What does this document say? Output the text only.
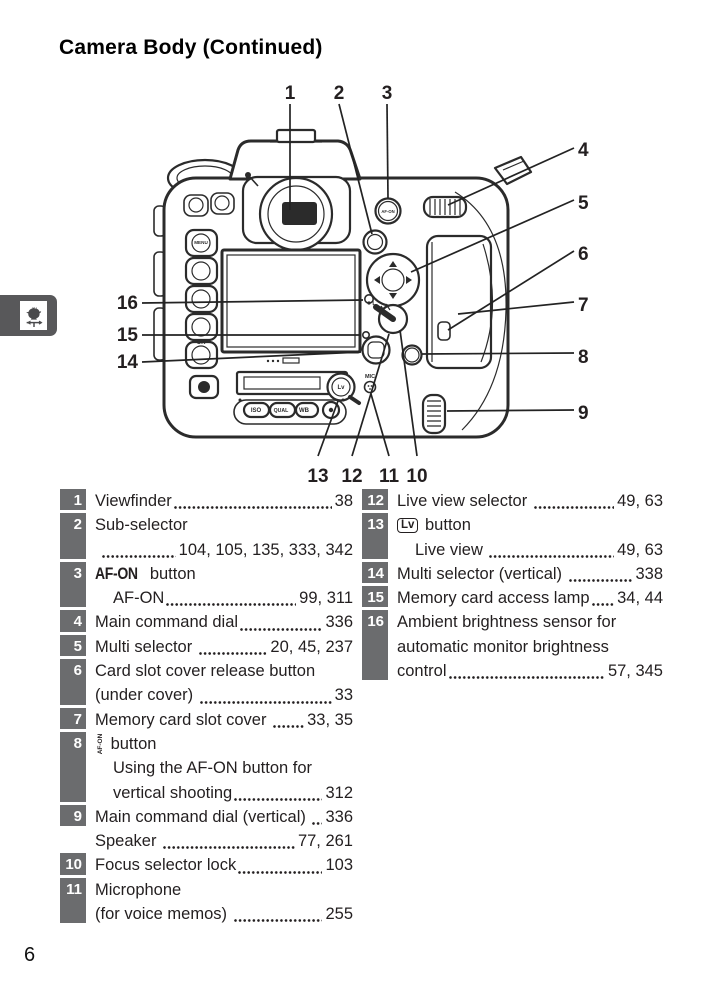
Camera Body (Continued)
1 2 3
4
5
6
7
8
9
16
15
14
13 12 11 10
MENU
OK
AF-ON
ISO QUAL WB
MIC
Lv
L
1 Viewfinder	38
2 Sub-selector
104, 105, 135, 333, 342
3 AF-ON button
AF-ON	99, 311
4 Main command dial	336
5 Multi selector	20, 45, 237
6 Card slot cover release button
(under cover)	33
7 Memory card slot cover 33, 35
8	AF-ON button
Using the AF-ON button for
vertical shooting	312
9 Main command dial (vertical) 336
Speaker	77, 261
10 Focus selector lock	103
11 Microphone
(for voice memos)	255
12 Live view selector	49, 63
13	Lv button
Live view	49, 63
14 Multi selector (vertical)	338
15 Memory card access lamp 34, 44
16 Ambient brightness sensor for
automatic monitor brightness
control	57, 345
6
